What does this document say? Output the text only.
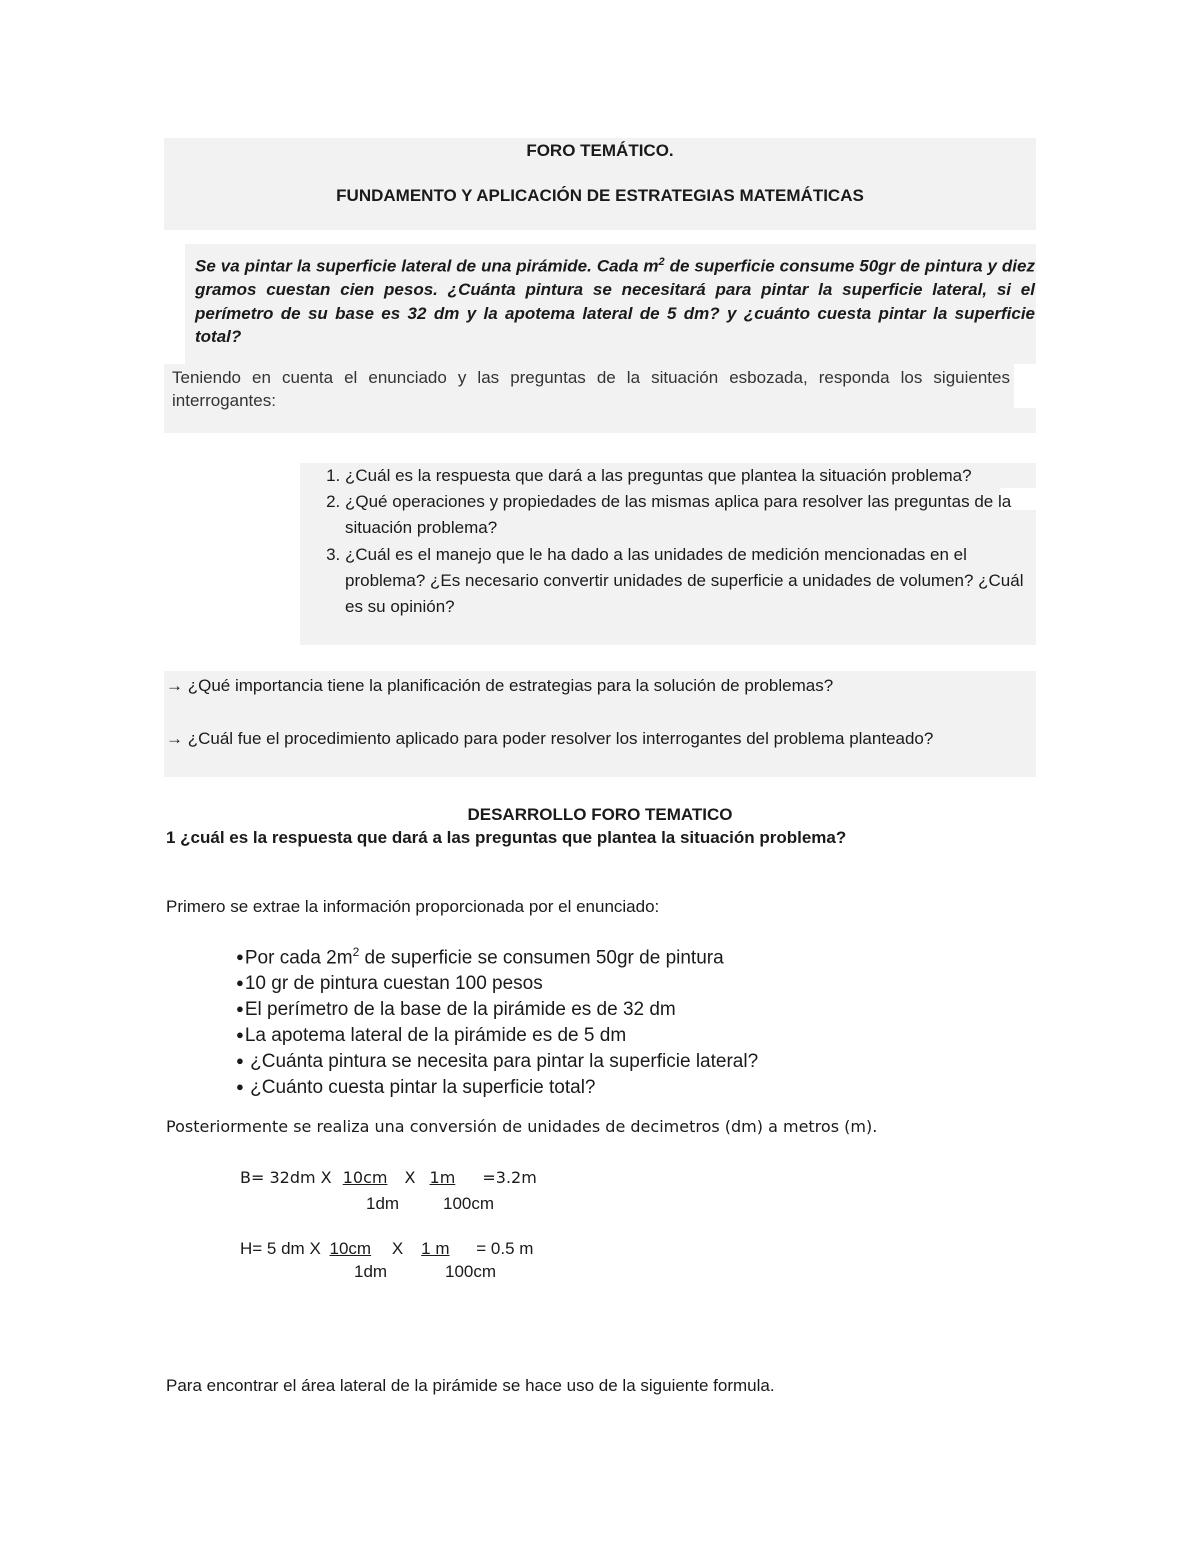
FORO TEMÁTICO.
FUNDAMENTO Y APLICACIÓN DE ESTRATEGIAS MATEMÁTICAS
Se va pintar la superficie lateral de una pirámide. Cada $m^2$ de superficie consume 50gr de pintura y diez gramos cuestan cien pesos. ¿Cuánta pintura se necesitará para pintar la superficie lateral, si el perímetro de su base es 32 dm y la apotema lateral de 5 dm? y ¿cuánto cuesta pintar la superficie total?
Teniendo en cuenta el enunciado y las preguntas de la situación esbozada, responda los siguientes interrogantes:
1. ¿Cuál es la respuesta que dará a las preguntas que plantea la situación problema?
2. ¿Qué operaciones y propiedades de las mismas aplica para resolver las preguntas de la situación problema?
3. ¿Cuál es el manejo que le ha dado a las unidades de medición mencionadas en el problema? ¿Es necesario convertir unidades de superficie a unidades de volumen? ¿Cuál es su opinión?
→ ¿Qué importancia tiene la planificación de estrategias para la solución de problemas?
→ ¿Cuál fue el procedimiento aplicado para poder resolver los interrogantes del problema planteado?
DESARROLLO FORO TEMATICO
1 ¿cuál es la respuesta que dará a las preguntas que plantea la situación problema?
Primero se extrae la información proporcionada por el enunciado:
●Por cada $2m^2$ de superficie se consumen 50gr de pintura
●10 gr de pintura cuestan 100 pesos
●El perímetro de la base de la pirámide es de 32 dm
●La apotema lateral de la pirámide es de 5 dm
● ¿Cuánta pintura se necesita para pintar la superficie lateral?
● ¿Cuánto cuesta pintar la superficie total?
Posteriormente se realiza una conversión de unidades de decimetros (dm) a metros (m).
B= 32dm X 10cm X 1m =3.2m
1dm	100cm
H= 5 dm X 10cm X 1 m = 0.5 m
1dm	100cm
Para encontrar el área lateral de la pirámide se hace uso de la siguiente formula.
